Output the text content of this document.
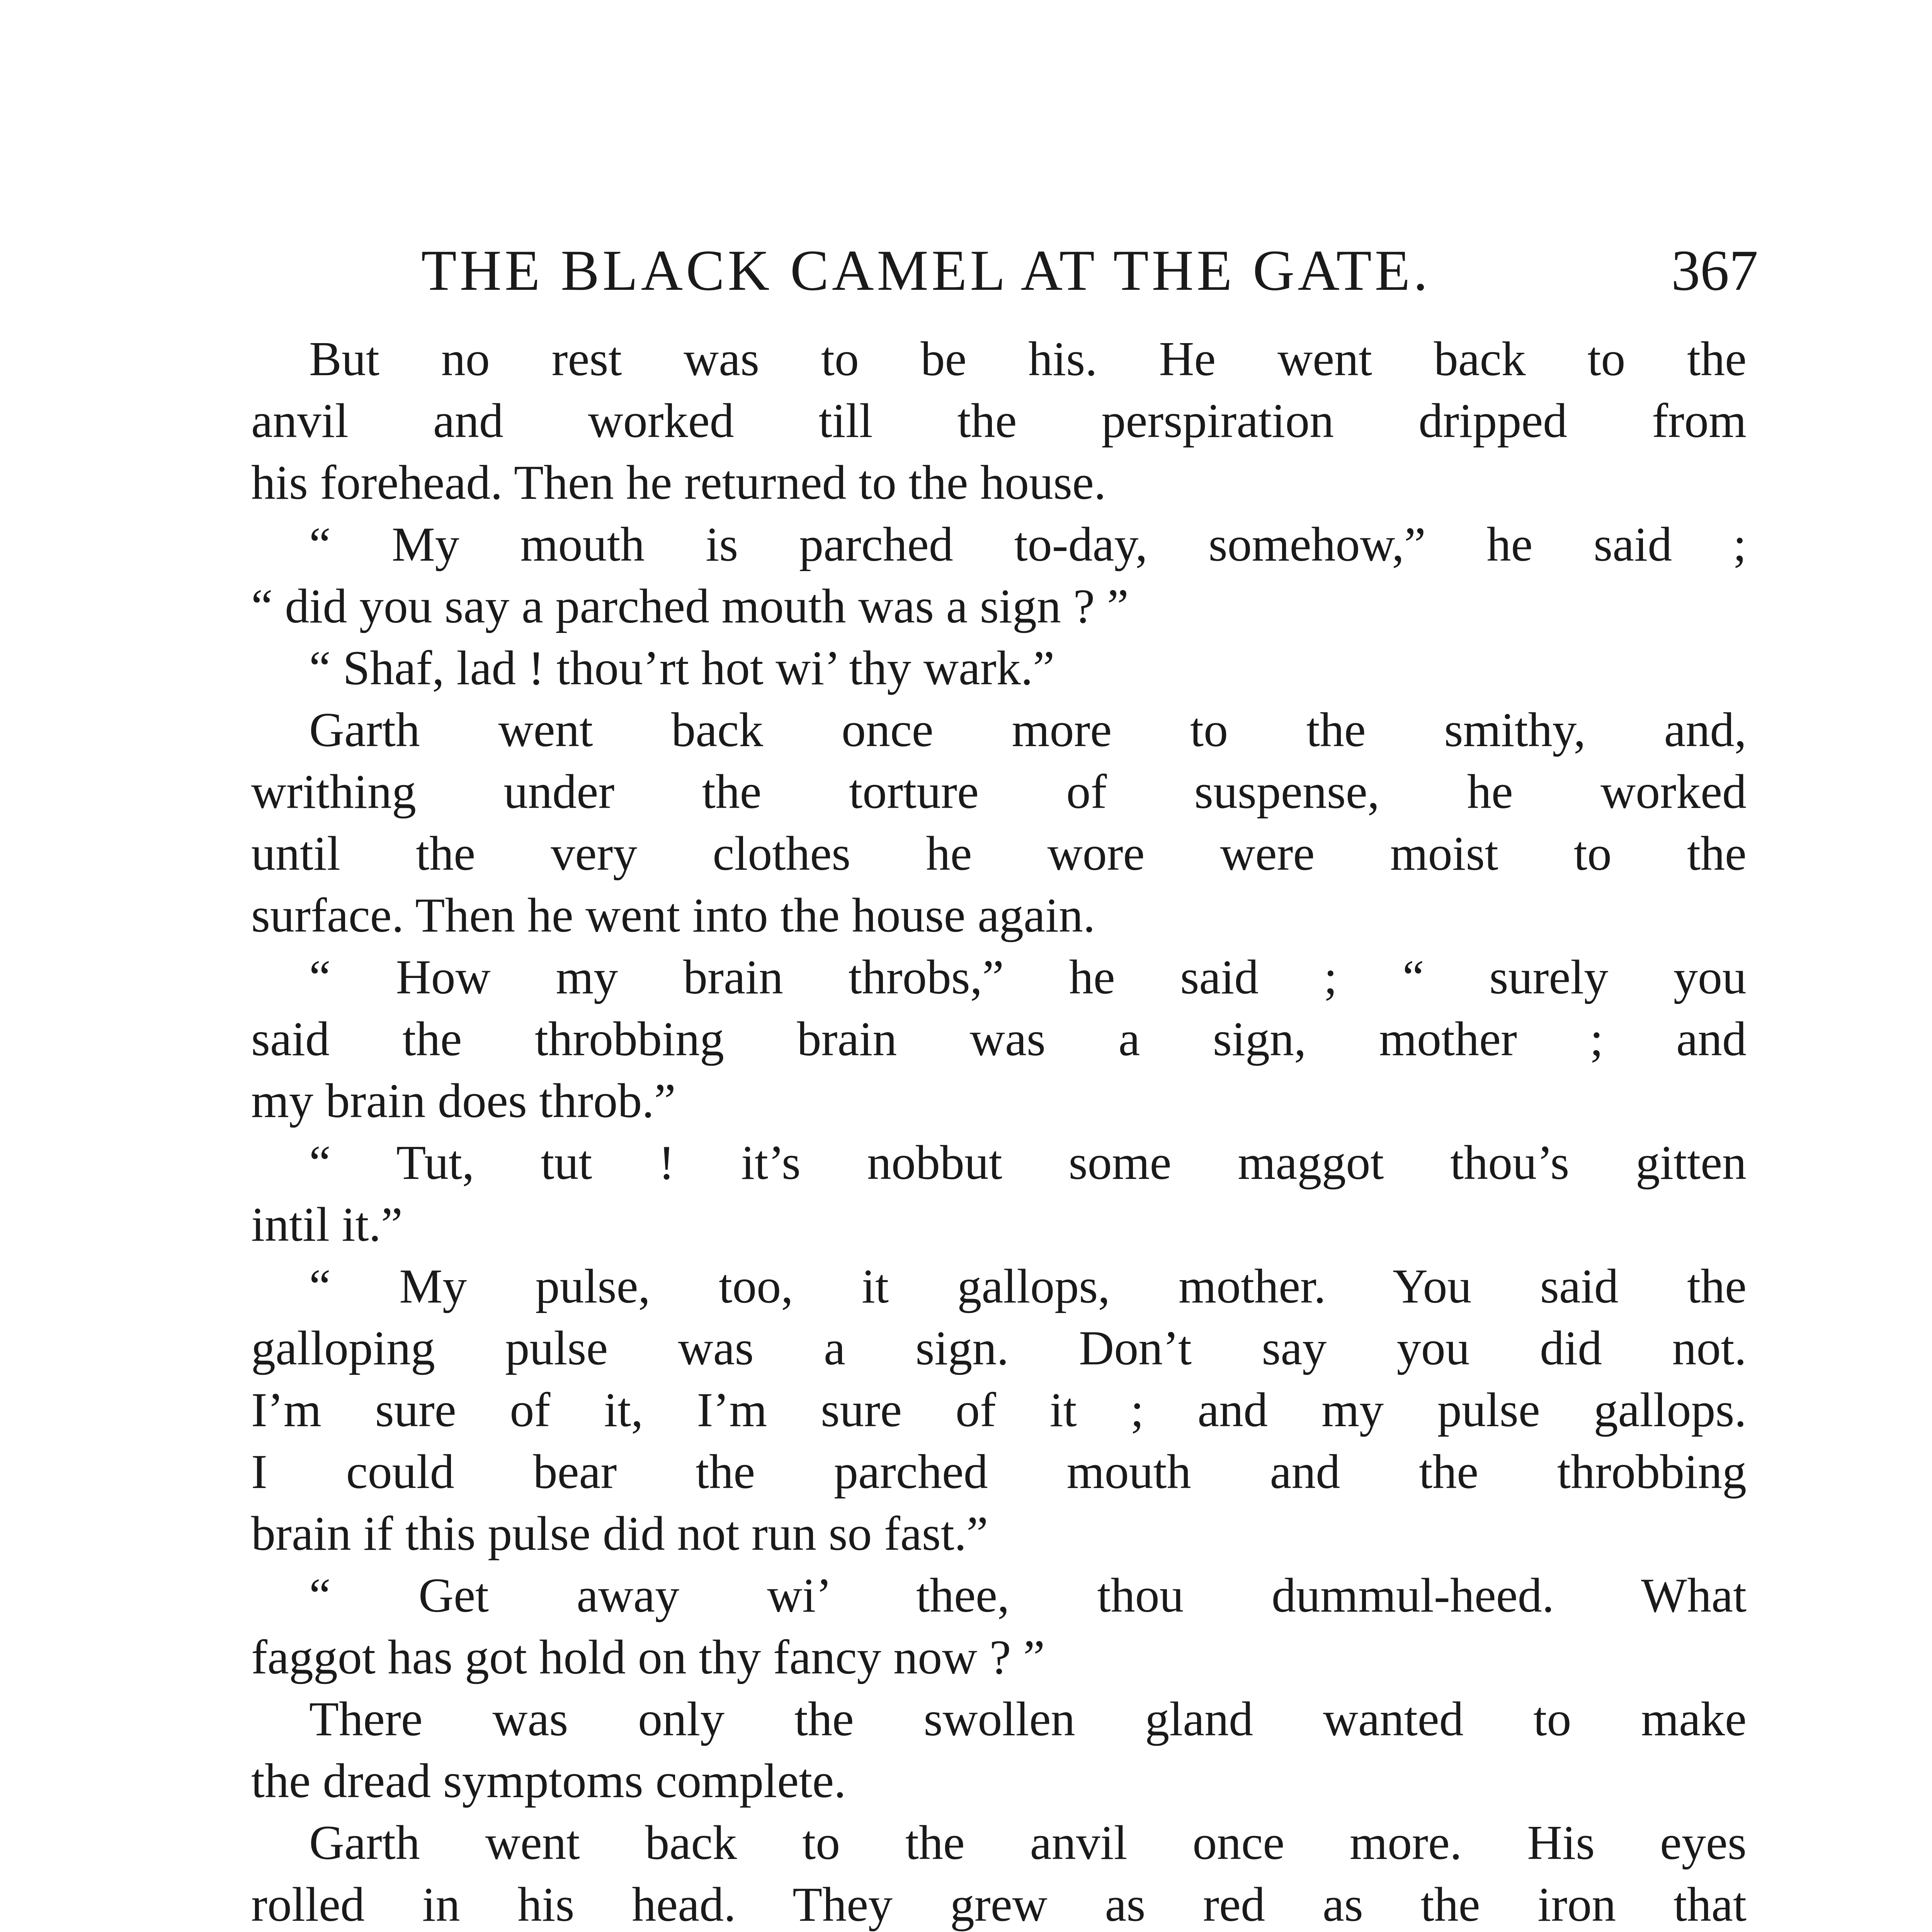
THE BLACK CAMEL AT THE GATE.	367
But no rest was to be his. He went back to the
anvil and worked till the perspiration dripped from
his forehead. Then he returned to the house.
“ My mouth is parched to-day, somehow,” he said ;
“ did you say a parched mouth was a sign ? ”
“ Shaf, lad ! thou’rt hot wi’ thy wark.”
Garth went back once more to the smithy, and,
writhing under the torture of suspense, he worked
until the very clothes he wore were moist to the
surface. Then he went into the house again.
“ How my brain throbs,” he said ; “ surely you
said the throbbing brain was a sign, mother ; and
my brain does throb.”
“ Tut, tut ! it’s nobbut some maggot thou’s gitten
intil it.”
“ My pulse, too, it gallops, mother. You said the
galloping pulse was a sign. Don’t say you did not.
I’m sure of it, I’m sure of it ; and my pulse gallops.
I could bear the parched mouth and the throbbing
brain if this pulse did not run so fast.”
“ Get away wi’ thee, thou dummul-heed. What
faggot has got hold on thy fancy now ? ”
There was only the swollen gland wanted to make
the dread symptoms complete.
Garth went back to the anvil once more. His eyes
rolled in his head. They grew as red as the iron that
